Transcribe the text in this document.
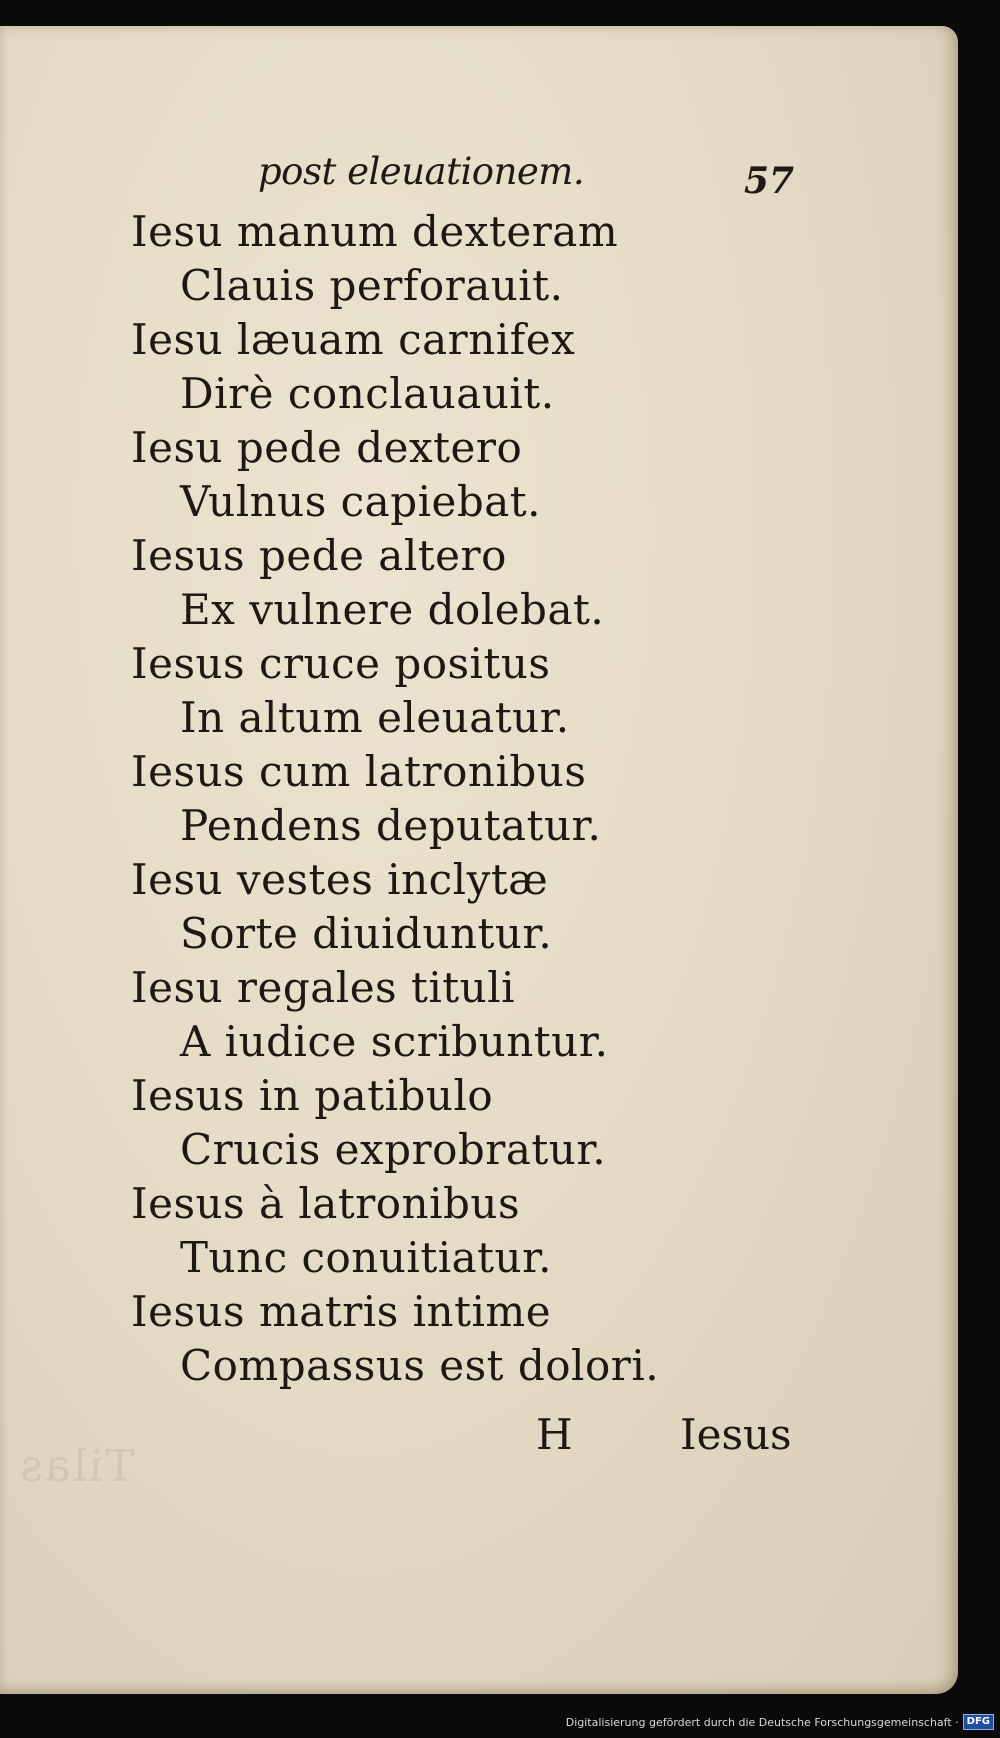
Tilas
post eleuationem.	57
Iesu manum dexteram
Clauis perforauit.
Iesu læuam carnifex
Dirè conclauauit.
Iesu pede dextero
Vulnus capiebat.
Iesus pede altero
Ex vulnere dolebat.
Iesus cruce positus
In altum eleuatur.
Iesus cum latronibus
Pendens deputatur.
Iesu vestes inclytæ
Sorte diuiduntur.
Iesu regales tituli
A iudice scribuntur.
Iesus in patibulo
Crucis exprobratur.
Iesus à latronibus
Tunc conuitiatur.
Iesus matris intime
Compassus est dolori.
H	Iesus
Digitalisierung gefördert durch die Deutsche Forschungsgemeinschaft · DFG
